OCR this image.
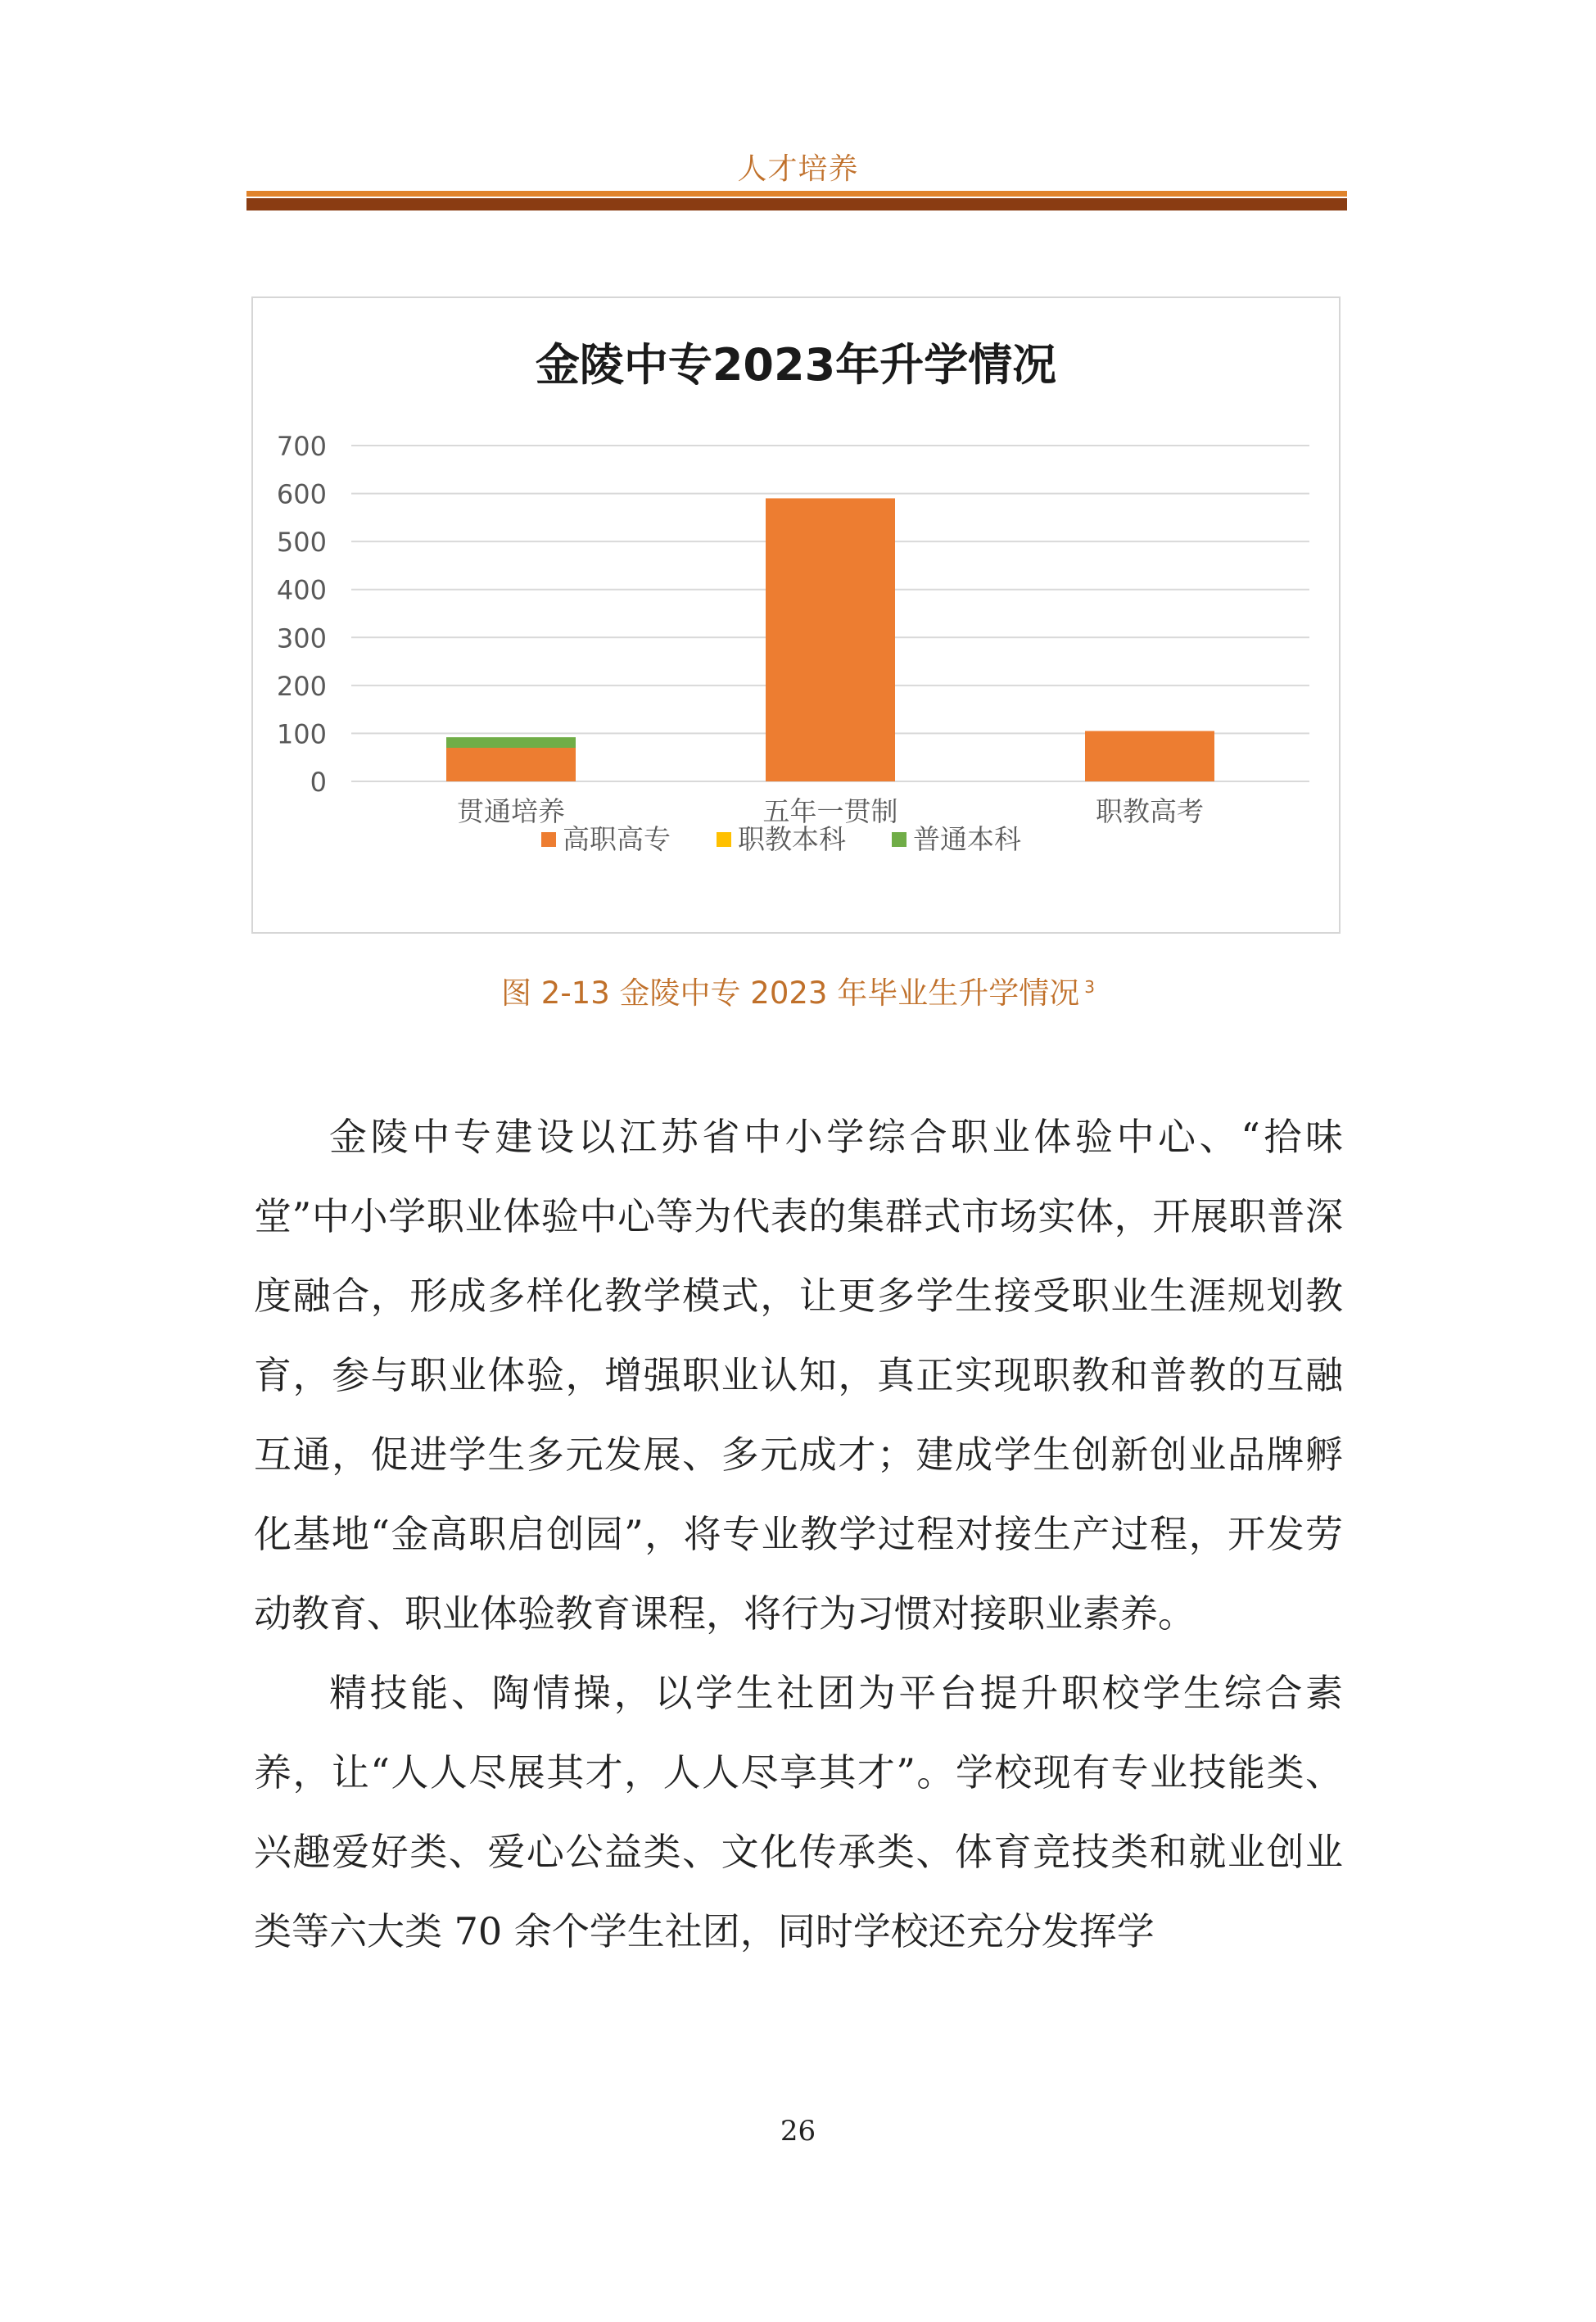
人才培养
金陵中专2023年升学情况
0
100
200
300
400
500
600
700
贯通培养	五年一贯制	职教高考
高职高专 职教本科 普通本科
图 2-13 金陵中专 2023 年毕业生升学情况 $^3$

金陵中专建设以江苏省中小学综合职业体验中心、“拾味堂”中小学职业体验中心等为代表的集群式市场实体，开展职普深度融合，形成多样化教学模式，让更多学生接受职业生涯规划教育，参与职业体验，增强职业认知，真正实现职教和普教的互融互通，促进学生多元发展、多元成才；建成学生创新创业品牌孵化基地“金高职启创园”，将专业教学过程对接生产过程，开发劳动教育、职业体验教育课程，将行为习惯对接职业素养。

精技能、陶情操，以学生社团为平台提升职校学生综合素养，让“人人尽展其才，人人尽享其才”。学校现有专业技能类、兴趣爱好类、爱心公益类、文化传承类、体育竞技类和就业创业类等六大类 70 余个学生社团，同时学校还充分发挥学

26
